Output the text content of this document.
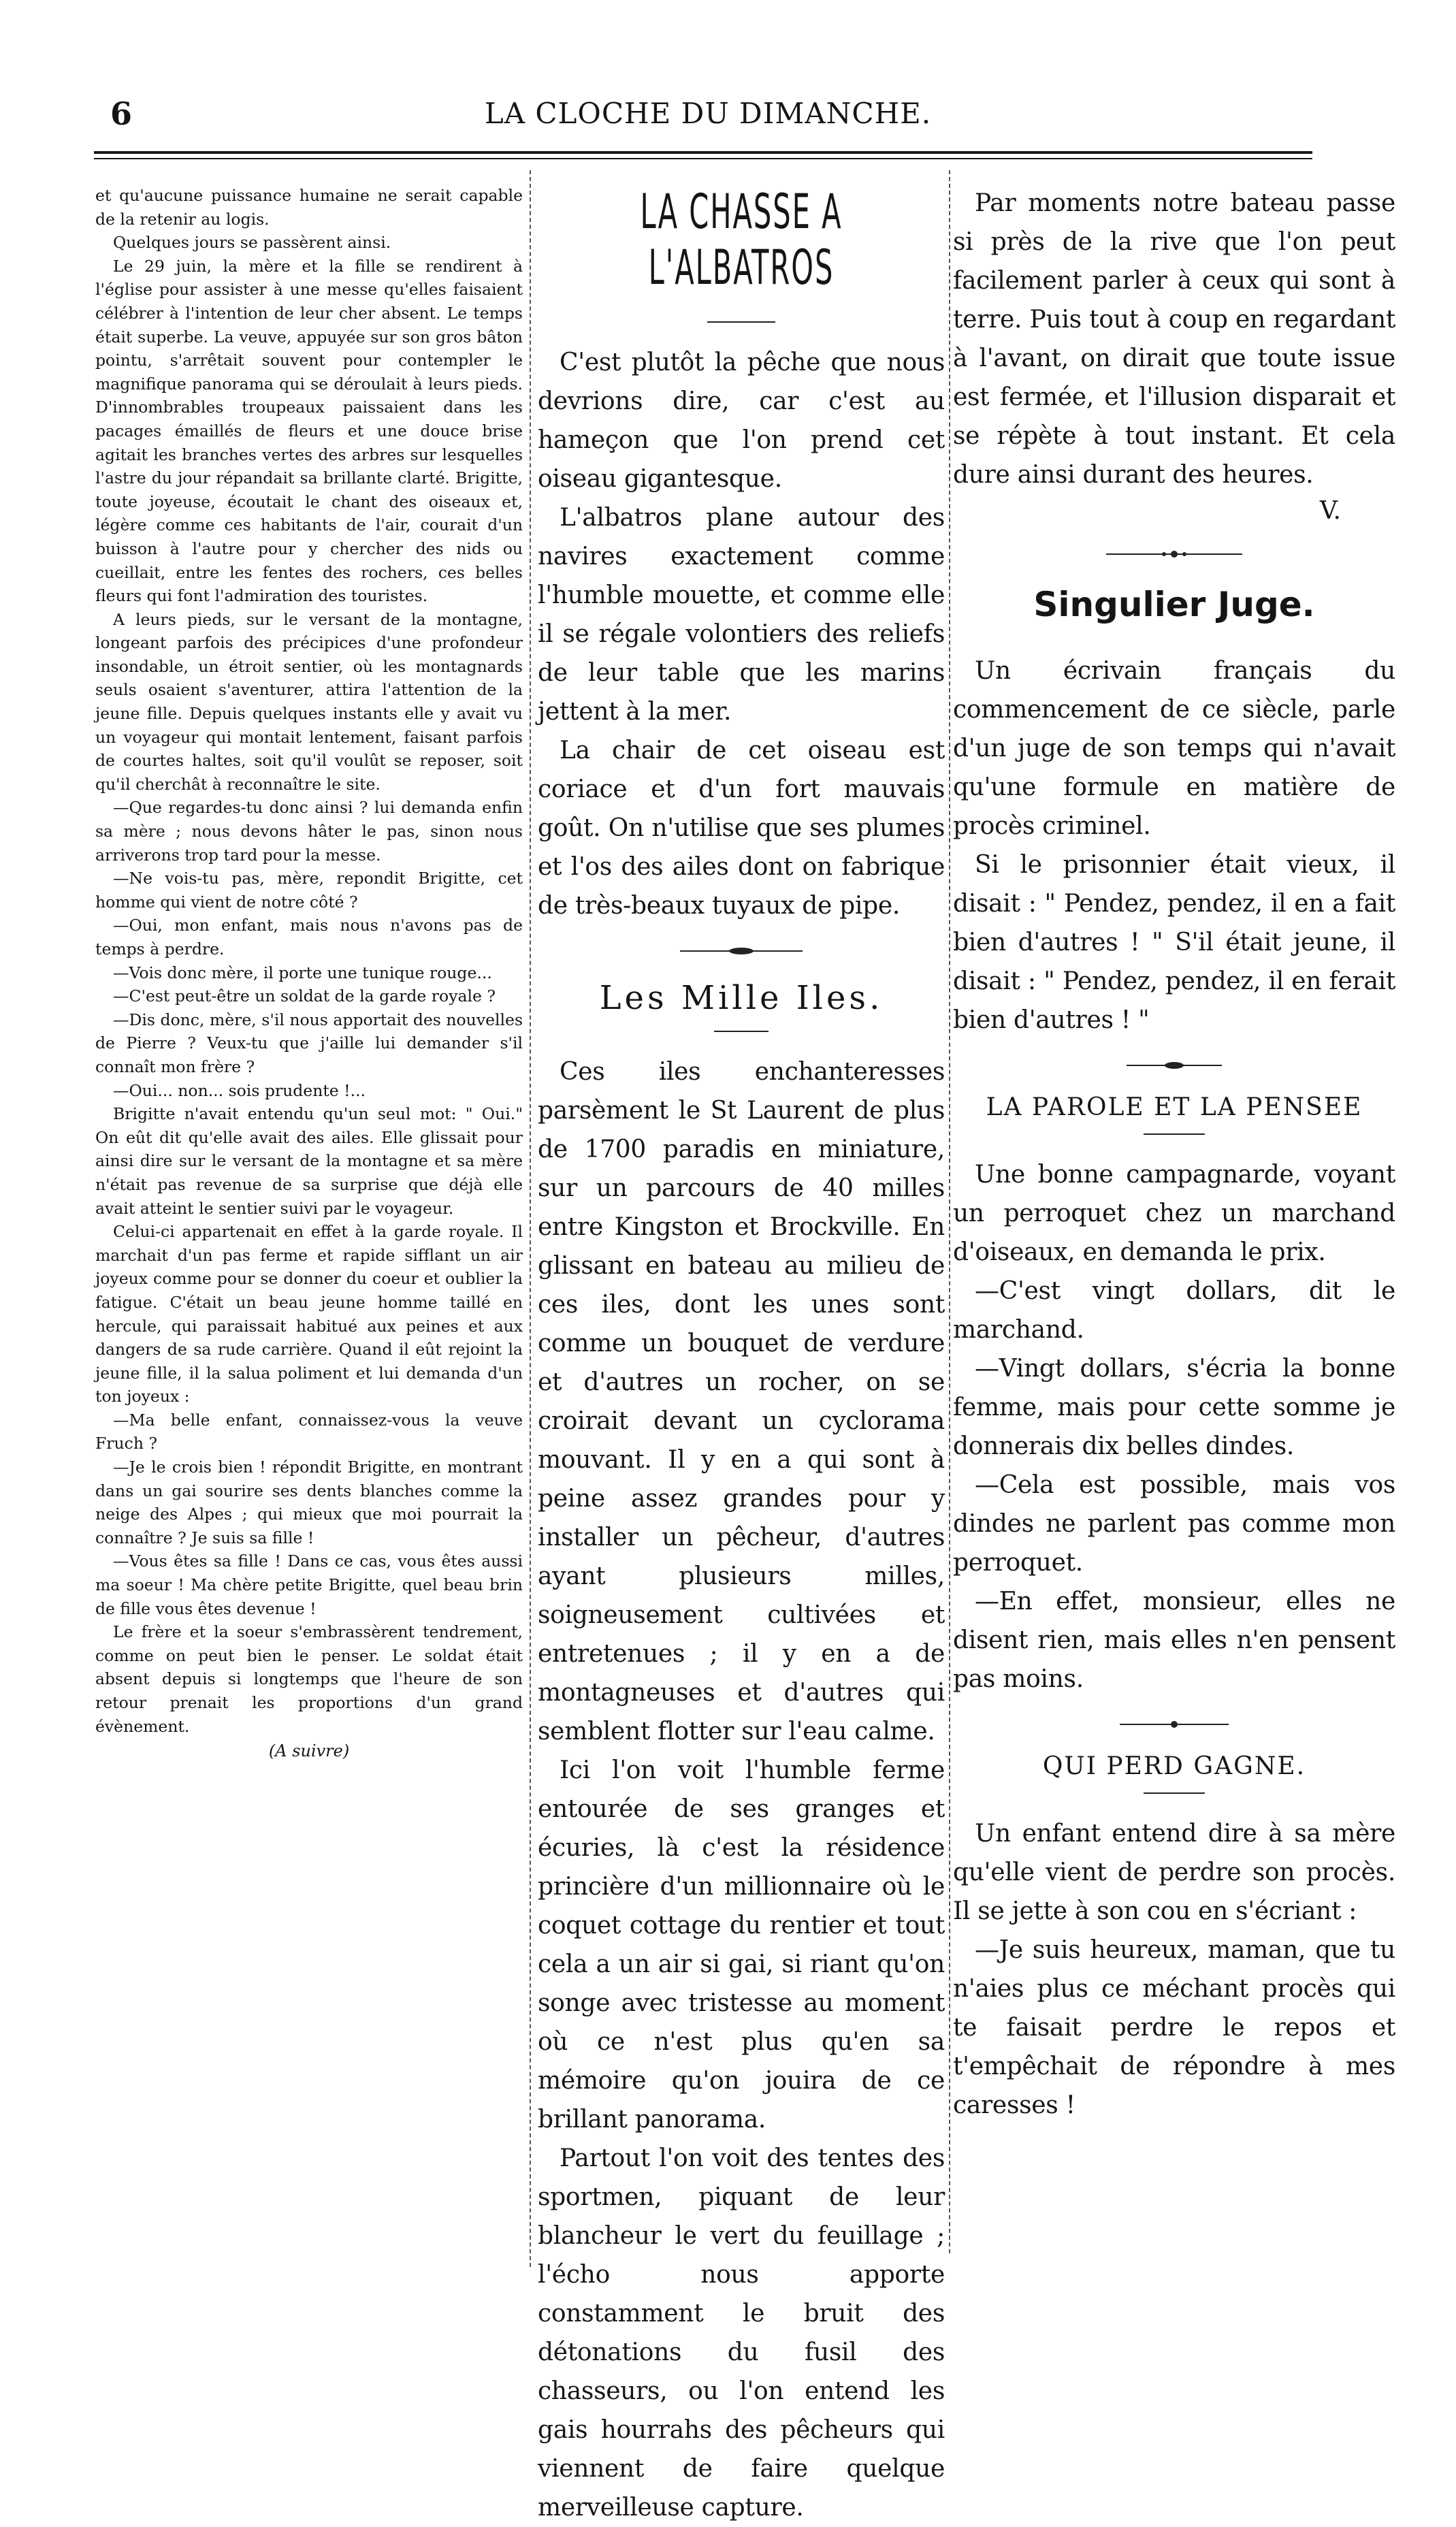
6	LA CLOCHE DU DIMANCHE.

et qu'aucune puissance humaine ne serait capable de la retenir au logis.

Quelques jours se passèrent ainsi.

Le 29 juin, la mère et la fille se rendirent à l'église pour assister à une messe qu'elles faisaient célébrer à l'intention de leur cher absent. Le temps était superbe. La veuve, appuyée sur son gros bâton pointu, s'arrêtait souvent pour contempler le magnifique panorama qui se déroulait à leurs pieds. D'innombrables troupeaux paissaient dans les pacages émaillés de fleurs et une douce brise agitait les branches vertes des arbres sur lesquelles l'astre du jour répandait sa brillante clarté. Brigitte, toute joyeuse, écoutait le chant des oiseaux et, légère comme ces habitants de l'air, courait d'un buisson à l'autre pour y chercher des nids ou cueillait, entre les fentes des rochers, ces belles fleurs qui font l'admiration des touristes.

A leurs pieds, sur le versant de la montagne, longeant parfois des précipices d'une profondeur insondable, un étroit sentier, où les montagnards seuls osaient s'aventurer, attira l'attention de la jeune fille. Depuis quelques instants elle y avait vu un voyageur qui montait lentement, faisant parfois de courtes haltes, soit qu'il voulût se reposer, soit qu'il cherchât à reconnaître le site.

—Que regardes-tu donc ainsi ? lui demanda enfin sa mère ; nous devons hâter le pas, sinon nous arriverons trop tard pour la messe.

—Ne vois-tu pas, mère, repondit Brigitte, cet homme qui vient de notre côté ?

—Oui, mon enfant, mais nous n'avons pas de temps à perdre.

—Vois donc mère, il porte une tunique rouge...

—C'est peut-être un soldat de la garde royale ?

—Dis donc, mère, s'il nous apportait des nouvelles de Pierre ? Veux-tu que j'aille lui demander s'il connaît mon frère ?

—Oui... non... sois prudente !...

Brigitte n'avait entendu qu'un seul mot: " Oui." On eût dit qu'elle avait des ailes. Elle glissait pour ainsi dire sur le versant de la montagne et sa mère n'était pas revenue de sa surprise que déjà elle avait atteint le sentier suivi par le voyageur.

Celui-ci appartenait en effet à la garde royale. Il marchait d'un pas ferme et rapide sifflant un air joyeux comme pour se donner du coeur et oublier la fatigue. C'était un beau jeune homme taillé en hercule, qui paraissait habitué aux peines et aux dangers de sa rude carrière. Quand il eût rejoint la jeune fille, il la salua poliment et lui demanda d'un ton joyeux :

—Ma belle enfant, connaissez-vous la veuve Fruch ?

—Je le crois bien ! répondit Brigitte, en montrant dans un gai sourire ses dents blanches comme la neige des Alpes ; qui mieux que moi pourrait la connaître ? Je suis sa fille !

—Vous êtes sa fille ! Dans ce cas, vous êtes aussi ma soeur ! Ma chère petite Brigitte, quel beau brin de fille vous êtes devenue !

Le frère et la soeur s'embrassèrent tendrement, comme on peut bien le penser. Le soldat était absent depuis si longtemps que l'heure de son retour prenait les proportions d'un grand évènement.

(A suivre)
LA CHASSE A L'ALBATROS

C'est plutôt la pêche que nous devrions dire, car c'est au hameçon que l'on prend cet oiseau gigantesque.

L'albatros plane autour des navires exactement comme l'humble mouette, et comme elle il se régale volontiers des reliefs de leur table que les marins jettent à la mer.

La chair de cet oiseau est coriace et d'un fort mauvais goût. On n'utilise que ses plumes et l'os des ailes dont on fabrique de très-beaux tuyaux de pipe.

Les Mille Iles.

Ces iles enchanteresses parsèment le St Laurent de plus de 1700 paradis en miniature, sur un parcours de 40 milles entre Kingston et Brockville. En glissant en bateau au milieu de ces iles, dont les unes sont comme un bouquet de verdure et d'autres un rocher, on se croirait devant un cyclorama mouvant. Il y en a qui sont à peine assez grandes pour y installer un pêcheur, d'autres ayant plusieurs milles, soigneusement cultivées et entretenues ; il y en a de montagneuses et d'autres qui semblent flotter sur l'eau calme.

Ici l'on voit l'humble ferme entourée de ses granges et écuries, là c'est la résidence princière d'un millionnaire où le coquet cottage du rentier et tout cela a un air si gai, si riant qu'on songe avec tristesse au moment où ce n'est plus qu'en sa mémoire qu'on jouira de ce brillant panorama.

Partout l'on voit des tentes des sportmen, piquant de leur blancheur le vert du feuillage ; l'écho nous apporte constamment le bruit des détonations du fusil des chasseurs, ou l'on entend les gais hourrahs des pêcheurs qui viennent de faire quelque merveilleuse capture.

Par moments notre bateau passe si près de la rive que l'on peut facilement parler à ceux qui sont à terre. Puis tout à coup en regardant à l'avant, on dirait que toute issue est fermée, et l'illusion disparait et se répète à tout instant. Et cela dure ainsi durant des heures.

V.
Singulier Juge.

Un écrivain français du commencement de ce siècle, parle d'un juge de son temps qui n'avait qu'une formule en matière de procès criminel.

Si le prisonnier était vieux, il disait : " Pendez, pendez, il en a fait bien d'autres ! " S'il était jeune, il disait : " Pendez, pendez, il en ferait bien d'autres ! "

LA PAROLE ET LA PENSEE

Une bonne campagnarde, voyant un perroquet chez un marchand d'oiseaux, en demanda le prix.

—C'est vingt dollars, dit le marchand.

—Vingt dollars, s'écria la bonne femme, mais pour cette somme je donnerais dix belles dindes.

—Cela est possible, mais vos dindes ne parlent pas comme mon perroquet.

—En effet, monsieur, elles ne disent rien, mais elles n'en pensent pas moins.

QUI PERD GAGNE.

Un enfant entend dire à sa mère qu'elle vient de perdre son procès. Il se jette à son cou en s'écriant :

—Je suis heureux, maman, que tu n'aies plus ce méchant procès qui te faisait perdre le repos et t'empêchait de répondre à mes caresses !
